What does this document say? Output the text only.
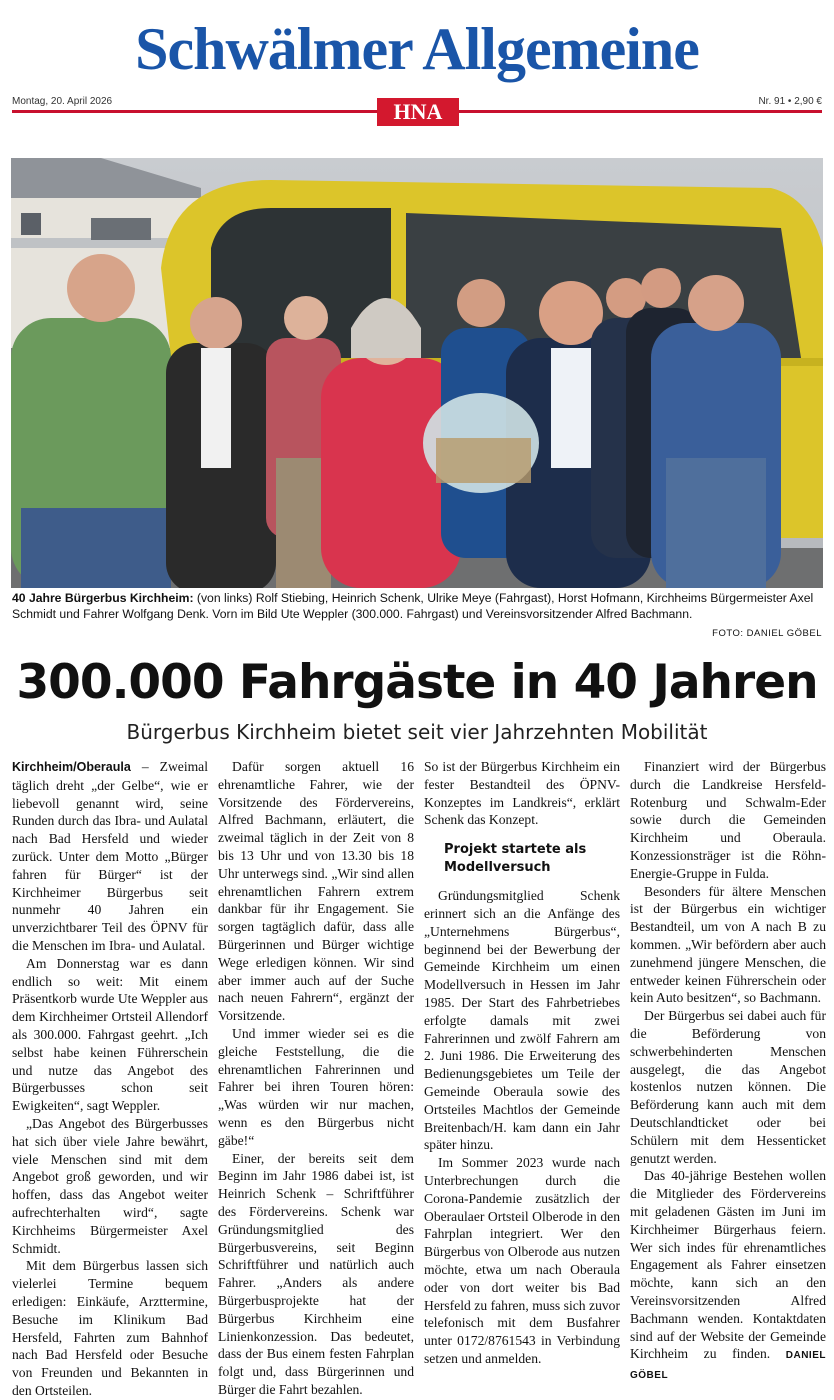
Schwälmer Allgemeine
Montag, 20. April 2026	HNA	Nr. 91 • 2,90 €
40 Jahre Bürgerbus Kirchheim: (von links) Rolf Stiebing, Heinrich Schenk, Ulrike Meye (Fahrgast), Horst Hofmann, Kirchheims Bürgermeister Axel Schmidt und Fahrer Wolfgang Denk. Vorn im Bild Ute Weppler (300.000. Fahrgast) und Vereinsvorsitzender Alfred Bachmann.
FOTO: DANIEL GÖBEL
300.000 Fahrgäste in 40 Jahren
Bürgerbus Kirchheim bietet seit vier Jahrzehnten Mobilität

Kirchheim/Oberaula – Zweimal täglich dreht „der Gelbe“, wie er liebevoll genannt wird, seine Runden durch das Ibra- und Aulatal nach Bad Hersfeld und wieder zurück. Unter dem Motto „Bürger fahren für Bürger“ ist der Kirchheimer Bürgerbus seit nunmehr 40 Jahren ein unverzichtbarer Teil des ÖPNV für die Menschen im Ibra- und Aulatal.

Am Donnerstag war es dann endlich so weit: Mit einem Präsentkorb wurde Ute Weppler aus dem Kirchheimer Ortsteil Allendorf als 300.000. Fahrgast geehrt. „Ich selbst habe keinen Führerschein und nutze das Angebot des Bürgerbusses schon seit Ewigkeiten“, sagt Weppler.

„Das Angebot des Bürgerbusses hat sich über viele Jahre bewährt, viele Menschen sind mit dem Angebot groß geworden, und wir hoffen, dass das Angebot weiter aufrechterhalten wird“, sagte Kirchheims Bürgermeister Axel Schmidt.

Mit dem Bürgerbus lassen sich vielerlei Termine bequem erledigen: Einkäufe, Arzttermine, Besuche im Klinikum Bad Hersfeld, Fahrten zum Bahnhof nach Bad Hersfeld oder Besuche von Freunden und Bekannten in den Ortsteilen.

Dafür sorgen aktuell 16 ehrenamtliche Fahrer, wie der Vorsitzende des Fördervereins, Alfred Bachmann, erläutert, die zweimal täglich in der Zeit von 8 bis 13 Uhr und von 13.30 bis 18 Uhr unterwegs sind. „Wir sind allen ehrenamtlichen Fahrern extrem dankbar für ihr Engagement. Sie sorgen tagtäglich dafür, dass alle Bürgerinnen und Bürger wichtige Wege erledigen können. Wir sind aber immer auch auf der Suche nach neuen Fahrern“, ergänzt der Vorsitzende.

Und immer wieder sei es die gleiche Feststellung, die die ehrenamtlichen Fahrerinnen und Fahrer bei ihren Touren hören: „Was würden wir nur machen, wenn es den Bürgerbus nicht gäbe!“

Einer, der bereits seit dem Beginn im Jahr 1986 dabei ist, ist Heinrich Schenk – Schriftführer des Fördervereins. Schenk war Gründungsmitglied des Bürgerbusvereins, seit Beginn Schriftführer und natürlich auch Fahrer. „Anders als andere Bürgerbusprojekte hat der Bürgerbus Kirchheim eine Linienkonzession. Das bedeutet, dass der Bus einem festen Fahrplan folgt und, dass Bürgerinnen und Bürger die Fahrt bezahlen.

So ist der Bürgerbus Kirchheim ein fester Bestandteil des ÖPNV-Konzeptes im Landkreis“, erklärt Schenk das Konzept.

Projekt startete als Modellversuch

Gründungsmitglied Schenk erinnert sich an die Anfänge des „Unternehmens Bürgerbus“, beginnend bei der Bewerbung der Gemeinde Kirchheim um einen Modellversuch in Hessen im Jahr 1985. Der Start des Fahrbetriebes erfolgte damals mit zwei Fahrerinnen und zwölf Fahrern am 2. Juni 1986. Die Erweiterung des Bedienungsgebietes um Teile der Gemeinde Oberaula sowie des Ortsteiles Machtlos der Gemeinde Breitenbach/H. kam dann ein Jahr später hinzu.

Im Sommer 2023 wurde nach Unterbrechungen durch die Corona-Pandemie zusätzlich der Oberaulaer Ortsteil Olberode in den Fahrplan integriert. Wer den Bürgerbus von Olberode aus nutzen möchte, etwa um nach Oberaula oder von dort weiter bis Bad Hersfeld zu fahren, muss sich zuvor telefonisch mit dem Busfahrer unter 0172/8761543 in Verbindung setzen und anmelden.

Finanziert wird der Bürgerbus durch die Landkreise Hersfeld-Rotenburg und Schwalm-Eder sowie durch die Gemeinden Kirchheim und Oberaula. Konzessionsträger ist die Röhn-Energie-Gruppe in Fulda.

Besonders für ältere Menschen ist der Bürgerbus ein wichtiger Bestandteil, um von A nach B zu kommen. „Wir befördern aber auch zunehmend jüngere Menschen, die entweder keinen Führerschein oder kein Auto besitzen“, so Bachmann.

Der Bürgerbus sei dabei auch für die Beförderung von schwerbehinderten Menschen ausgelegt, die das Angebot kostenlos nutzen können. Die Beförderung kann auch mit dem Deutschlandticket oder bei Schülern mit dem Hessenticket genutzt werden.

Das 40-jährige Bestehen wollen die Mitglieder des Fördervereins mit geladenen Gästen im Juni im Kirchheimer Bürgerhaus feiern. Wer sich indes für ehrenamtliches Engagement als Fahrer einsetzen möchte, kann sich an den Vereinsvorsitzenden Alfred Bachmann wenden. Kontaktdaten sind auf der Website der Gemeinde Kirchheim zu finden. DANIEL GÖBEL
